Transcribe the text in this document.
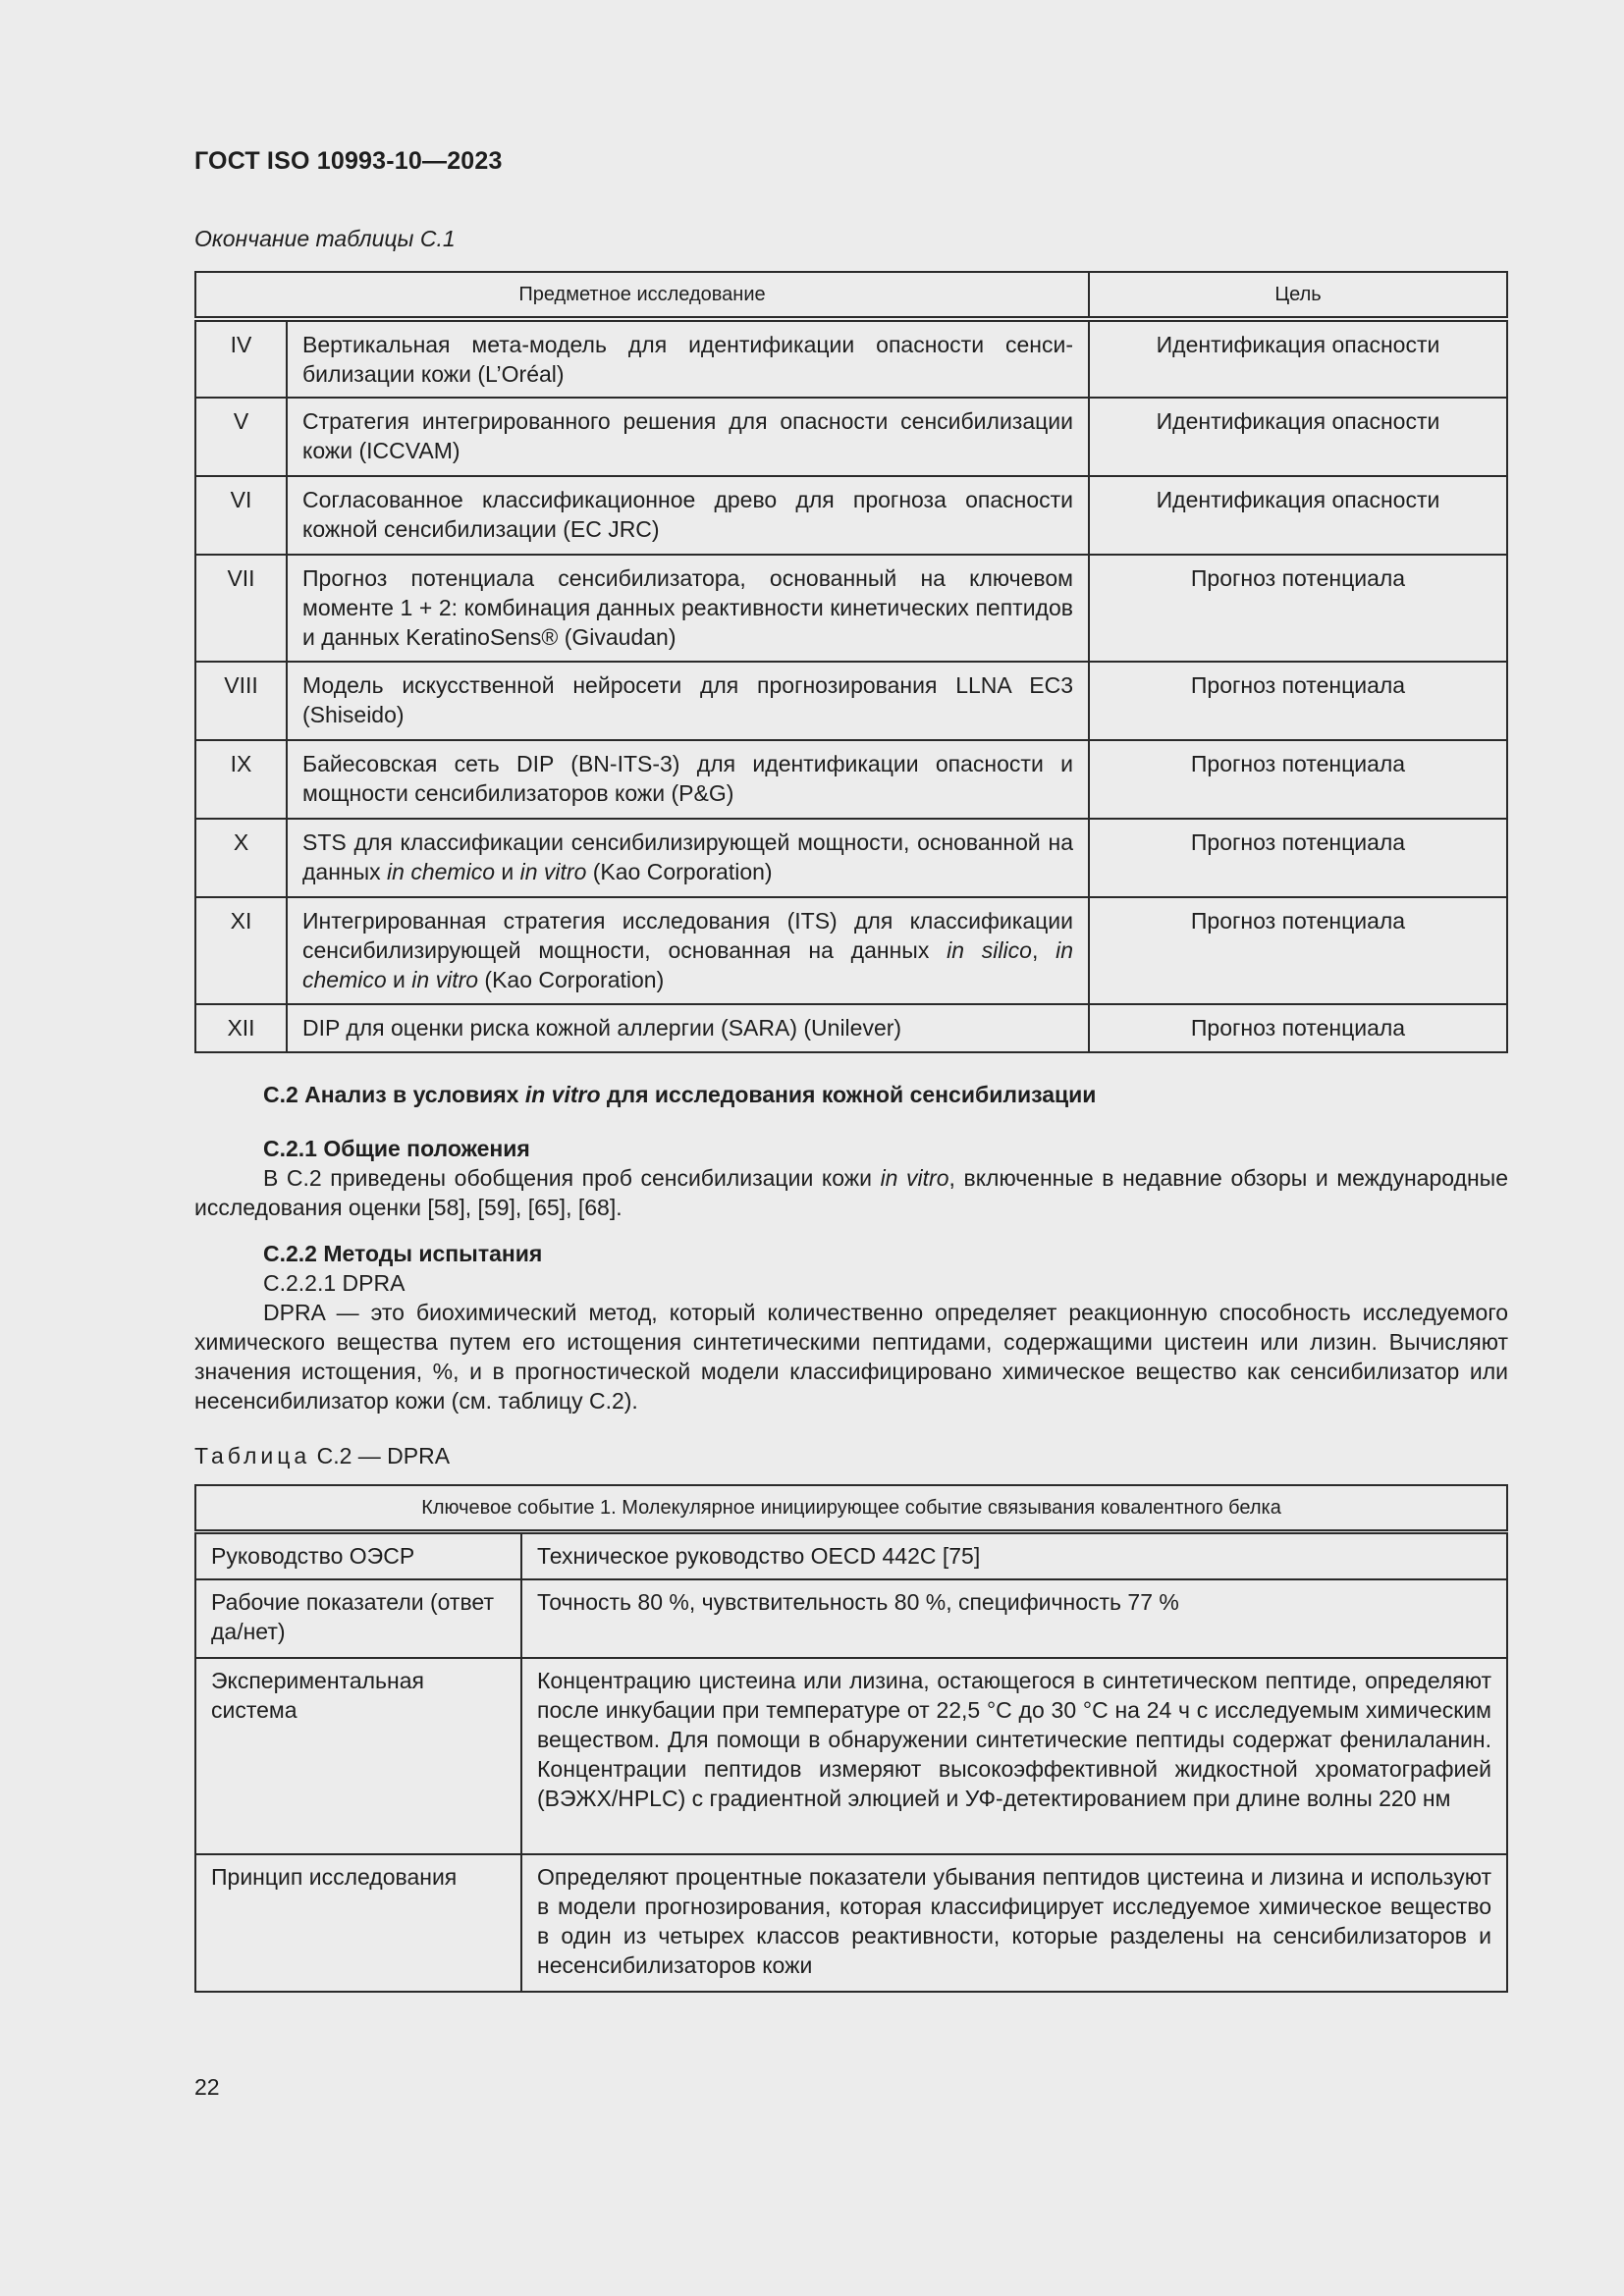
ГОСТ ISO 10993-10—2023
Окончание таблицы С.1
Предметное исследование		Цель
IV	Вертикальная мета-модель для идентификации опасности сенсибилизации кожи (L’Oréal)	Идентификация опасности
V	Стратегия интегрированного решения для опасности сенсибилизации кожи (ICCVAM)	Идентификация опасности
VI	Согласованное классификационное древо для прогноза опасности кожной сенсибилизации (EC JRC)	Идентификация опасности
VII	Прогноз потенциала сенсибилизатора, основанный на ключевом моменте 1 + 2: комбинация данных реактивности кинетических пептидов и данных KeratinoSens® (Givaudan)	Прогноз потенциала
VIII	Модель искусственной нейросети для прогнозирования LLNA EC3 (Shiseido)	Прогноз потенциала
IX	Байесовская сеть DIP (BN-ITS-3) для идентификации опасности и мощности сенсибилизаторов кожи (P&G)	Прогноз потенциала
X	STS для классификации сенсибилизирующей мощности, основанной на данных in chemico и in vitro (Kao Corporation)	Прогноз потенциала
XI	Интегрированная стратегия исследования (ITS) для классификации сенсибилизирующей мощности, основанная на данных in silico, in chemico и in vitro (Kao Corporation)	Прогноз потенциала
XII	DIP для оценки риска кожной аллергии (SARA) (Unilever)	Прогноз потенциала
С.2 Анализ в условиях in vitro для исследования кожной сенсибилизации
С.2.1 Общие положения
В С.2 приведены обобщения проб сенсибилизации кожи in vitro, включенные в недавние обзоры и международные исследования оценки [58], [59], [65], [68].
С.2.2 Методы испытания
С.2.2.1 DPRA
DPRA — это биохимический метод, который количественно определяет реакционную способность исследуемого химического вещества путем его истощения синтетическими пептидами, содержащими цистеин или лизин. Вычисляют значения истощения, %, и в прогностической модели классифицировано химическое вещество как сенсибилизатор или несенсибилизатор кожи (см. таблицу С.2).
Таблица С.2 — DPRA
Ключевое событие 1. Молекулярное инициирующее событие связывания ковалентного белка	
Руководство ОЭСР	Техническое руководство OECD 442C [75]
Рабочие показатели (ответ да/нет)	Точность 80 %, чувствительность 80 %, специфичность 77 %
Экспериментальная система	Концентрацию цистеина или лизина, остающегося в синтетическом пептиде, определяют после инкубации при температуре от 22,5 °С до 30 °С на 24 ч с исследуемым химическим веществом. Для помощи в обнаружении синтетические пептиды содержат фенилаланин. Концентрации пептидов измеряют высокоэффективной жидкостной хроматографией (ВЭЖХ/HPLC) с градиентной элюцией и УФ-детектированием при длине волны 220 нм
Принцип исследования	Определяют процентные показатели убывания пептидов цистеина и лизина и используют в модели прогнозирования, которая классифицирует исследуемое химическое вещество в один из четырех классов реактивности, которые разделены на сенсибилизаторов и несенсибилизаторов кожи
22
